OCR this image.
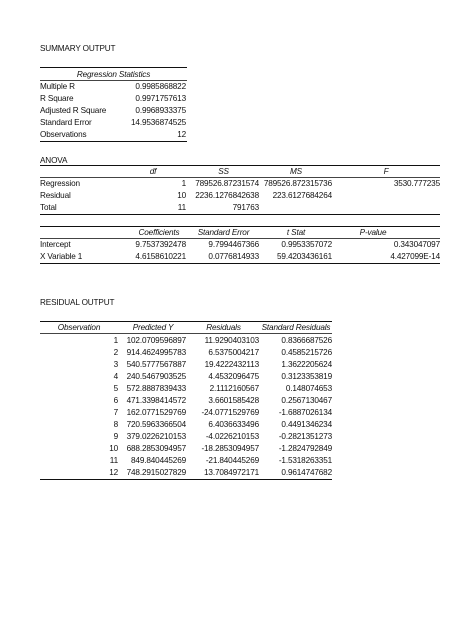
SUMMARY OUTPUT
Regression Statistics
Multiple R	0.9985868822
R Square	0.9971757613
Adjusted R Square	0.9968933375
Standard Error	14.9536874525
Observations	12
ANOVA
df	SS	MS	F
Regression	1	789526.87231574 789526.872315736	3530.777235
Residual	10	2236.1276842638	223.6127684264
Total	11	791763
Coefficients	Standard Error	t Stat	P-value
Intercept	9.7537392478	9.7994467366	0.9953357072	0.343047097
X Variable 1	4.6158610221	0.0776814933	59.4203436161	4.427099E-14
RESIDUAL OUTPUT
Observation	Predicted Y	Residuals	Standard Residuals
1	102.0709596897	11.9290403103	0.8366687526
2	914.4624995783	6.5375004217	0.4585215726
3	540.5777567887	19.4222432113	1.3622205624
4	240.5467903525	4.4532096475	0.3123353819
5	572.8887839433	2.1112160567	0.148074653
6	471.3398414572	3.6601585428	0.2567130467
7	162.0771529769	-24.0771529769	-1.6887026134
8	720.5963366504	6.4036633496	0.4491346234
9	379.0226210153	-4.0226210153	-0.2821351273
10	688.2853094957	-18.2853094957	-1.2824792849
11	849.840445269	-21.840445269	-1.5318263351
12	748.2915027829	13.7084972171	0.9614747682
